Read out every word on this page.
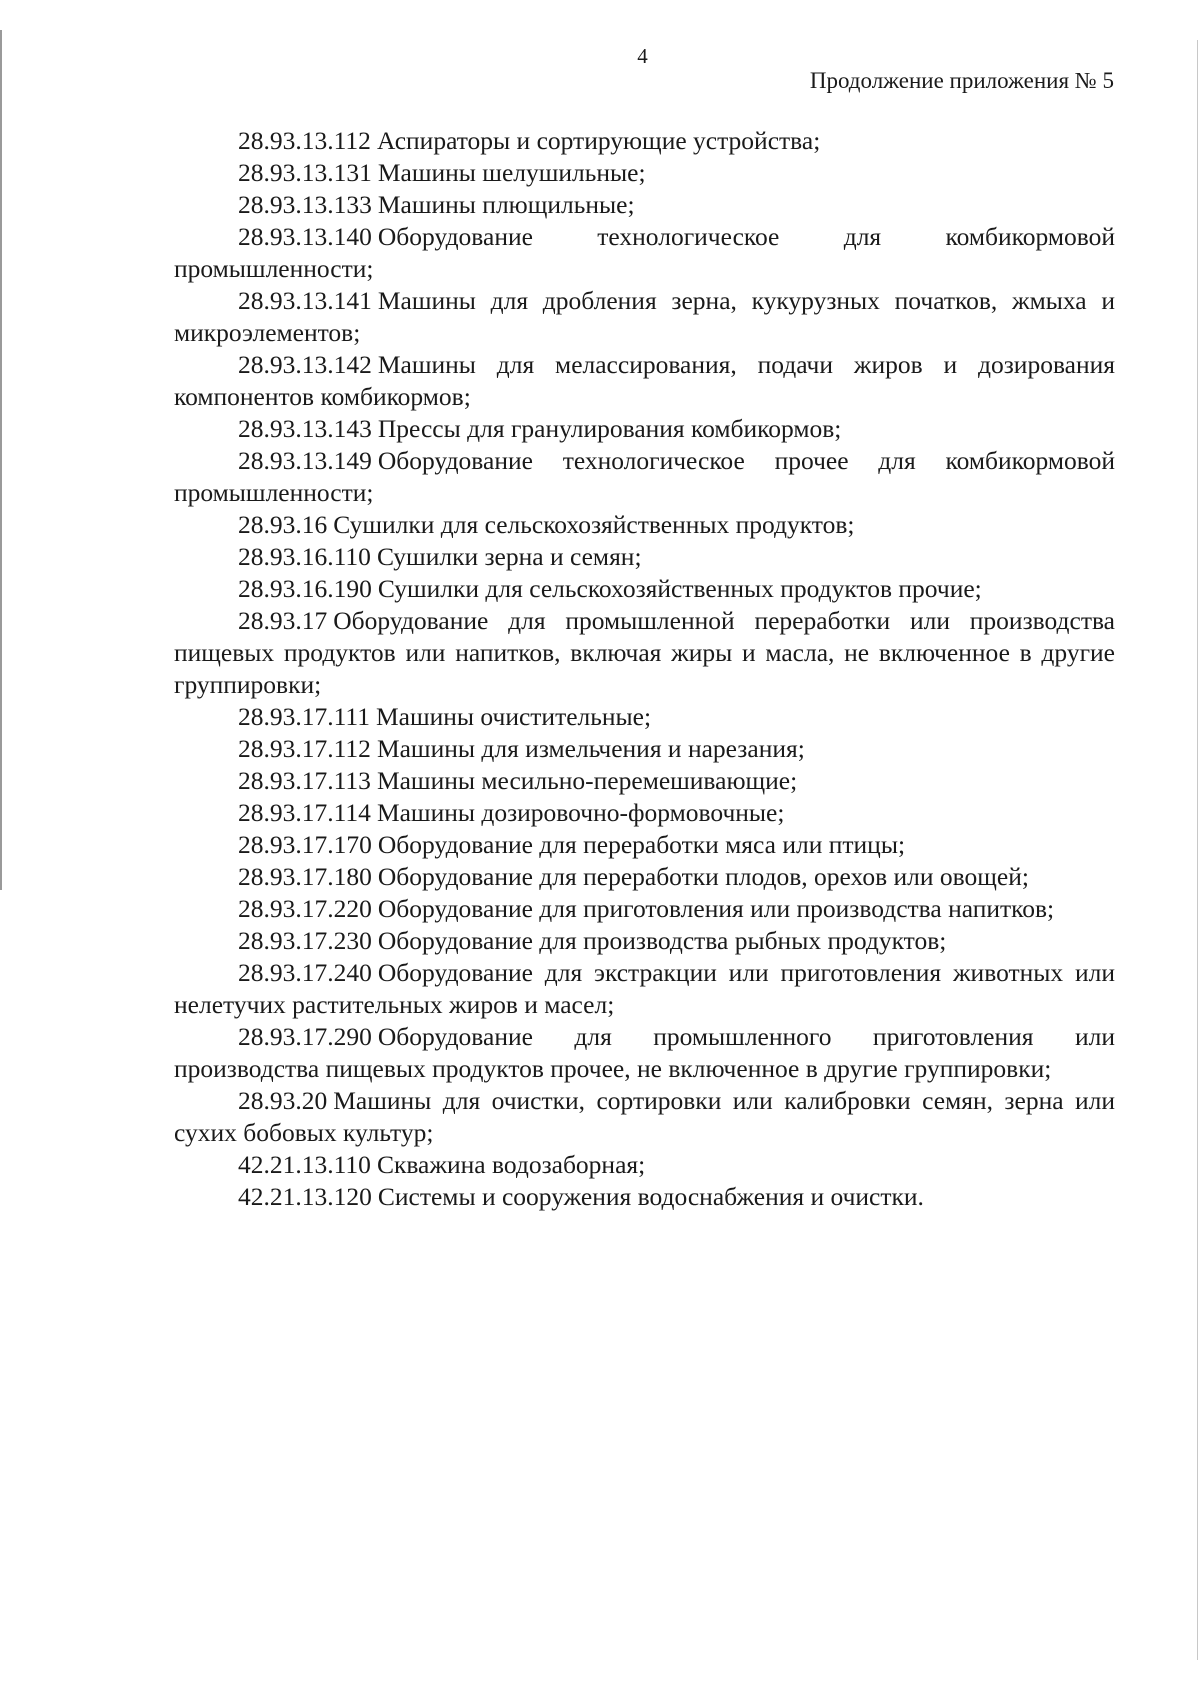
4
Продолжение приложения № 5

28.93.13.112 Аспираторы и сортирующие устройства;

28.93.13.131 Машины шелушильные;

28.93.13.133 Машины плющильные;

28.93.13.140 Оборудование технологическое для комбикормовой промышленности;

28.93.13.141 Машины для дробления зерна, кукурузных початков, жмыха и микроэлементов;

28.93.13.142 Машины для мелассирования, подачи жиров и дозирования компонентов комбикормов;

28.93.13.143 Прессы для гранулирования комбикормов;

28.93.13.149 Оборудование технологическое прочее для комбикормовой промышленности;

28.93.16 Сушилки для сельскохозяйственных продуктов;

28.93.16.110 Сушилки зерна и семян;

28.93.16.190 Сушилки для сельскохозяйственных продуктов прочие;

28.93.17 Оборудование для промышленной переработки или производства пищевых продуктов или напитков, включая жиры и масла, не включенное в другие группировки;

28.93.17.111 Машины очистительные;

28.93.17.112 Машины для измельчения и нарезания;

28.93.17.113 Машины месильно-перемешивающие;

28.93.17.114 Машины дозировочно-формовочные;

28.93.17.170 Оборудование для переработки мяса или птицы;

28.93.17.180 Оборудование для переработки плодов, орехов или овощей;

28.93.17.220 Оборудование для приготовления или производства напитков;

28.93.17.230 Оборудование для производства рыбных продуктов;

28.93.17.240 Оборудование для экстракции или приготовления животных или нелетучих растительных жиров и масел;

28.93.17.290 Оборудование для промышленного приготовления или производства пищевых продуктов прочее, не включенное в другие группировки;

28.93.20 Машины для очистки, сортировки или калибровки семян, зерна или сухих бобовых культур;

42.21.13.110 Скважина водозаборная;

42.21.13.120 Системы и сооружения водоснабжения и очистки.
